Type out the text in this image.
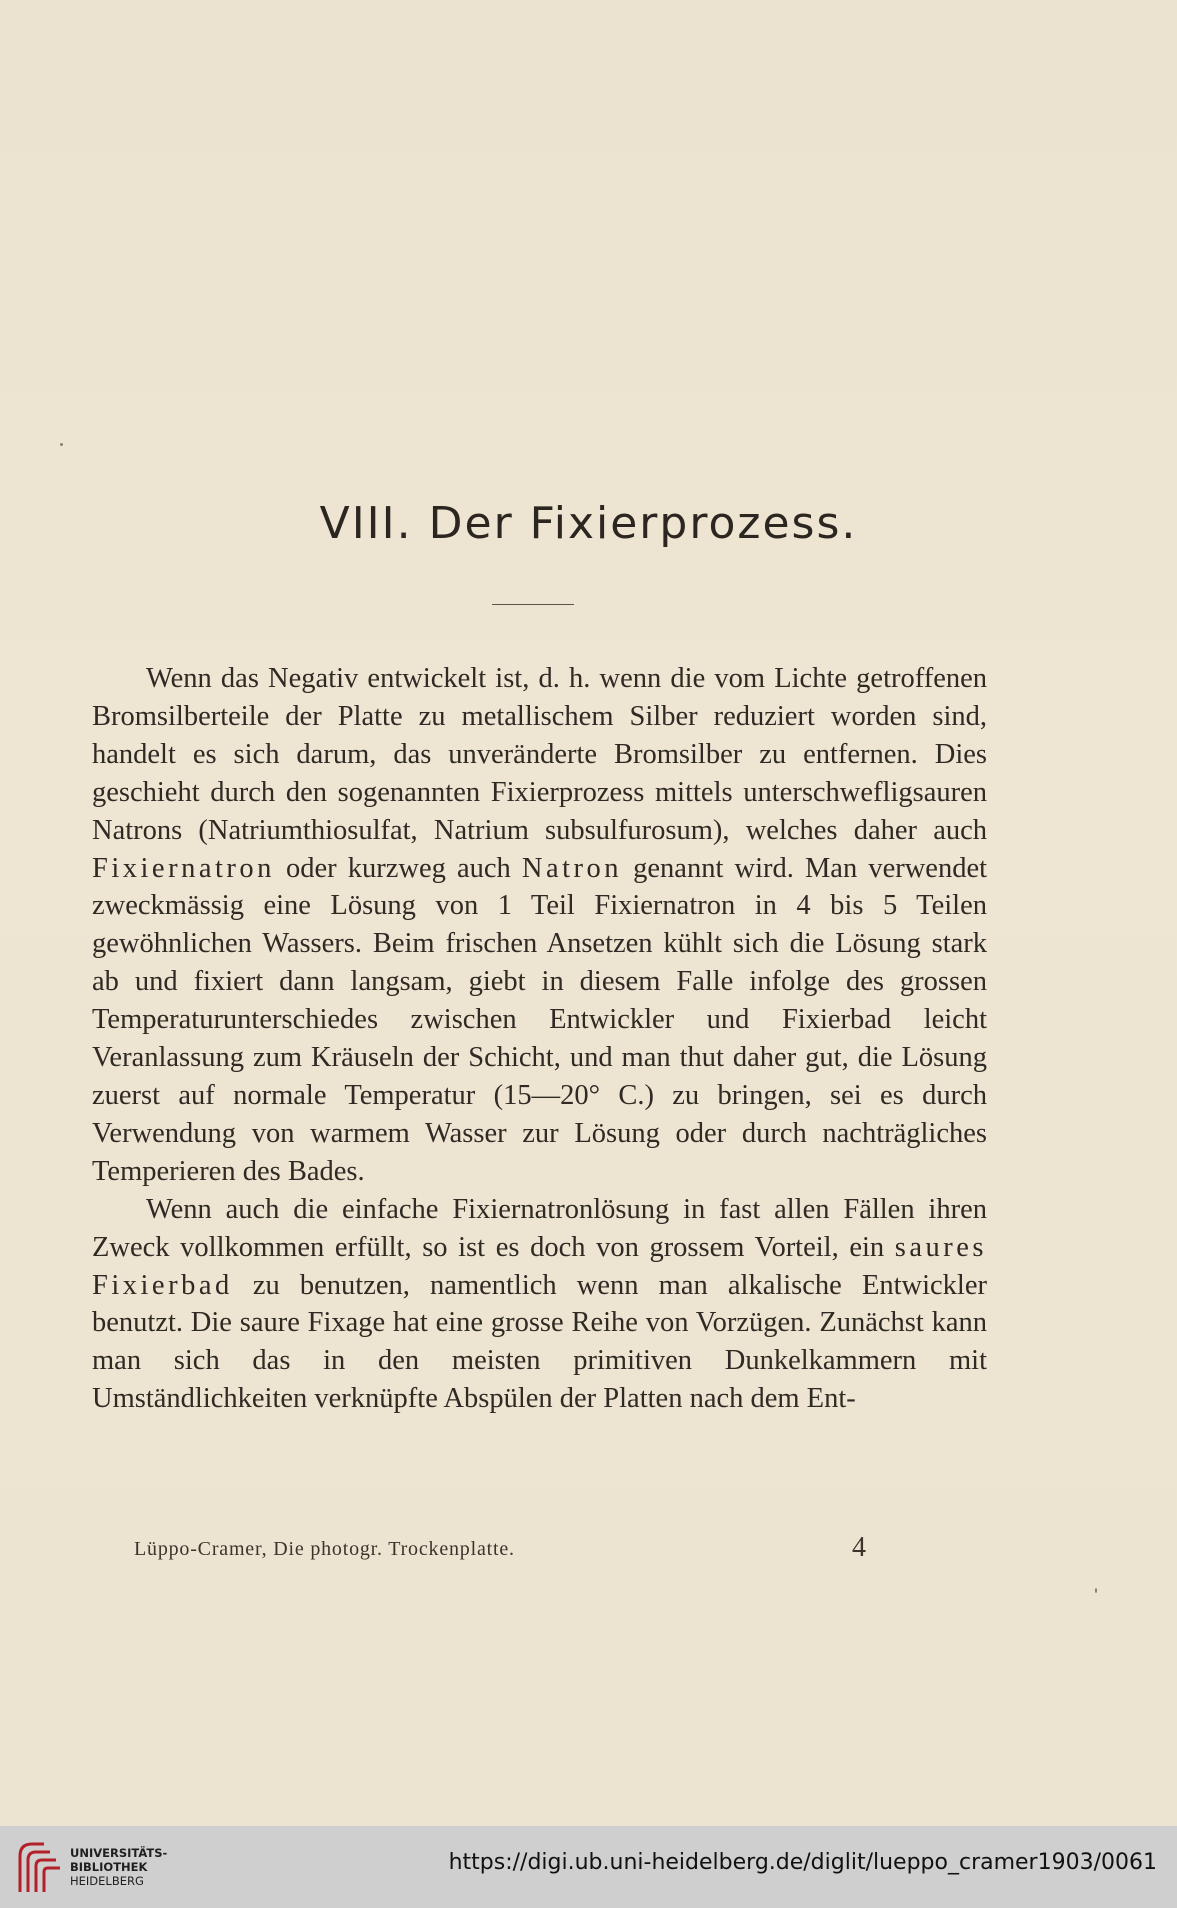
VIII. Der Fixierprozess.

Wenn das Negativ entwickelt ist, d. h. wenn die vom Lichte getroffenen Bromsilberteile der Platte zu metallischem Silber reduziert worden sind, handelt es sich darum, das unveränderte Bromsilber zu entfernen. Dies geschieht durch den sogenannten Fixierprozess mittels unterschwefligsauren Natrons (Natriumthiosulfat, Natrium subsulfurosum), welches daher auch Fixiernatron oder kurzweg auch Natron genannt wird. Man verwendet zweckmässig eine Lösung von 1 Teil Fixiernatron in 4 bis 5 Teilen gewöhnlichen Wassers. Beim frischen Ansetzen kühlt sich die Lösung stark ab und fixiert dann langsam, giebt in diesem Falle infolge des grossen Temperaturunterschiedes zwischen Entwickler und Fixierbad leicht Veranlassung zum Kräuseln der Schicht, und man thut daher gut, die Lösung zuerst auf normale Temperatur (15—20° C.) zu bringen, sei es durch Verwendung von warmem Wasser zur Lösung oder durch nachträgliches Temperieren des Bades.

Wenn auch die einfache Fixiernatronlösung in fast allen Fällen ihren Zweck vollkommen erfüllt, so ist es doch von grossem Vorteil, ein saures Fixierbad zu benutzen, namentlich wenn man alkalische Entwickler benutzt. Die saure Fixage hat eine grosse Reihe von Vorzügen. Zunächst kann man sich das in den meisten primitiven Dunkelkammern mit Umständlichkeiten verknüpfte Abspülen der Platten nach dem Ent-

Lüppo-Cramer, Die photogr. Trockenplatte.	4
UNIVERSITÄTS-
BIBLIOTHEK
HEIDELBERG
https://digi.ub.uni-heidelberg.de/diglit/lueppo_cramer1903/0061
